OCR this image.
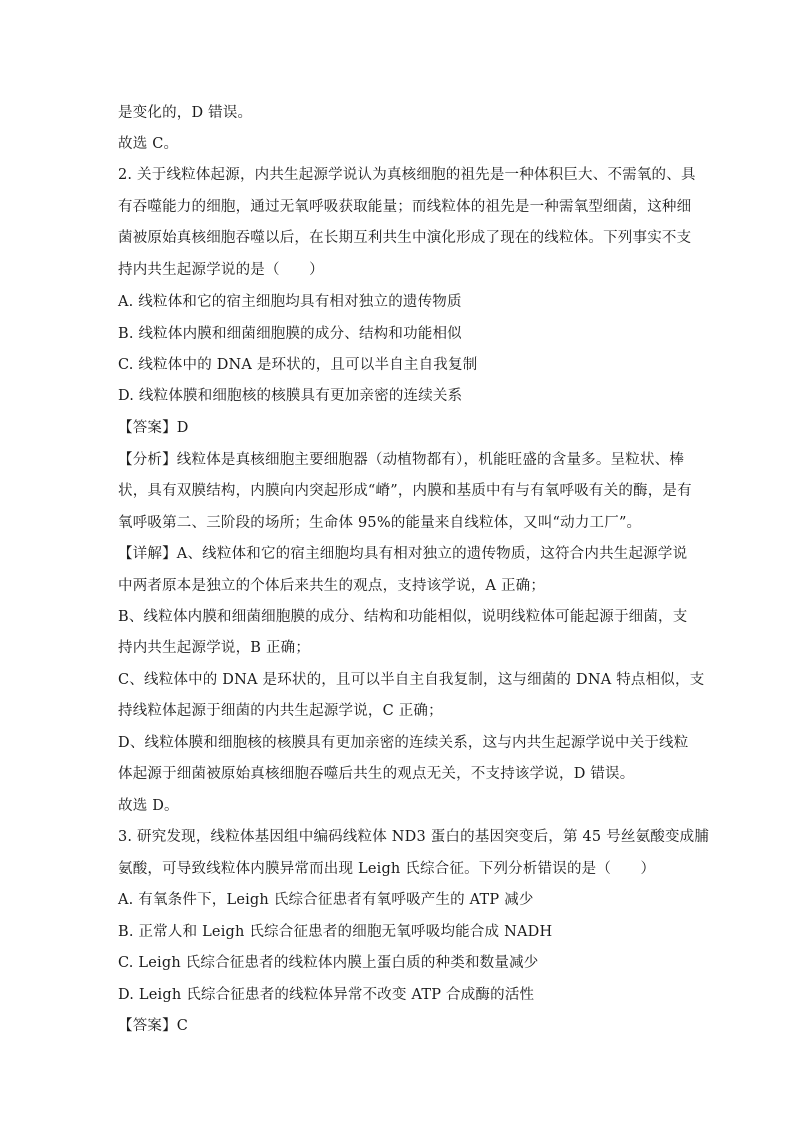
是变化的，D 错误。
故选 C。
2. 关于线粒体起源，内共生起源学说认为真核细胞的祖先是一种体积巨大、不需氧的、具
有吞噬能力的细胞，通过无氧呼吸获取能量；而线粒体的祖先是一种需氧型细菌，这种细
菌被原始真核细胞吞噬以后，在长期互利共生中演化形成了现在的线粒体。下列事实不支
持内共生起源学说的是（　　）
A. 线粒体和它的宿主细胞均具有相对独立的遗传物质
B. 线粒体内膜和细菌细胞膜的成分、结构和功能相似
C. 线粒体中的 DNA 是环状的，且可以半自主自我复制
D. 线粒体膜和细胞核的核膜具有更加亲密的连续关系
【答案】D
【分析】线粒体是真核细胞主要细胞器（动植物都有），机能旺盛的含量多。呈粒状、棒
状，具有双膜结构，内膜向内突起形成“嵴”，内膜和基质中有与有氧呼吸有关的酶，是有
氧呼吸第二、三阶段的场所；生命体 95%的能量来自线粒体，又叫“动力工厂”。
【详解】A、线粒体和它的宿主细胞均具有相对独立的遗传物质，这符合内共生起源学说
中两者原本是独立的个体后来共生的观点，支持该学说，A 正确；
B、线粒体内膜和细菌细胞膜的成分、结构和功能相似，说明线粒体可能起源于细菌，支
持内共生起源学说，B 正确；
C、线粒体中的 DNA 是环状的，且可以半自主自我复制，这与细菌的 DNA 特点相似，支
持线粒体起源于细菌的内共生起源学说，C 正确；
D、线粒体膜和细胞核的核膜具有更加亲密的连续关系，这与内共生起源学说中关于线粒
体起源于细菌被原始真核细胞吞噬后共生的观点无关，不支持该学说，D 错误。
故选 D。
3. 研究发现，线粒体基因组中编码线粒体 ND3 蛋白的基因突变后，第 45 号丝氨酸变成脯
氨酸，可导致线粒体内膜异常而出现 Leigh 氏综合征。下列分析错误的是（　　）
A. 有氧条件下，Leigh 氏综合征患者有氧呼吸产生的 ATP 减少
B. 正常人和 Leigh 氏综合征患者的细胞无氧呼吸均能合成 NADH
C. Leigh 氏综合征患者的线粒体内膜上蛋白质的种类和数量减少
D. Leigh 氏综合征患者的线粒体异常不改变 ATP 合成酶的活性
【答案】C
